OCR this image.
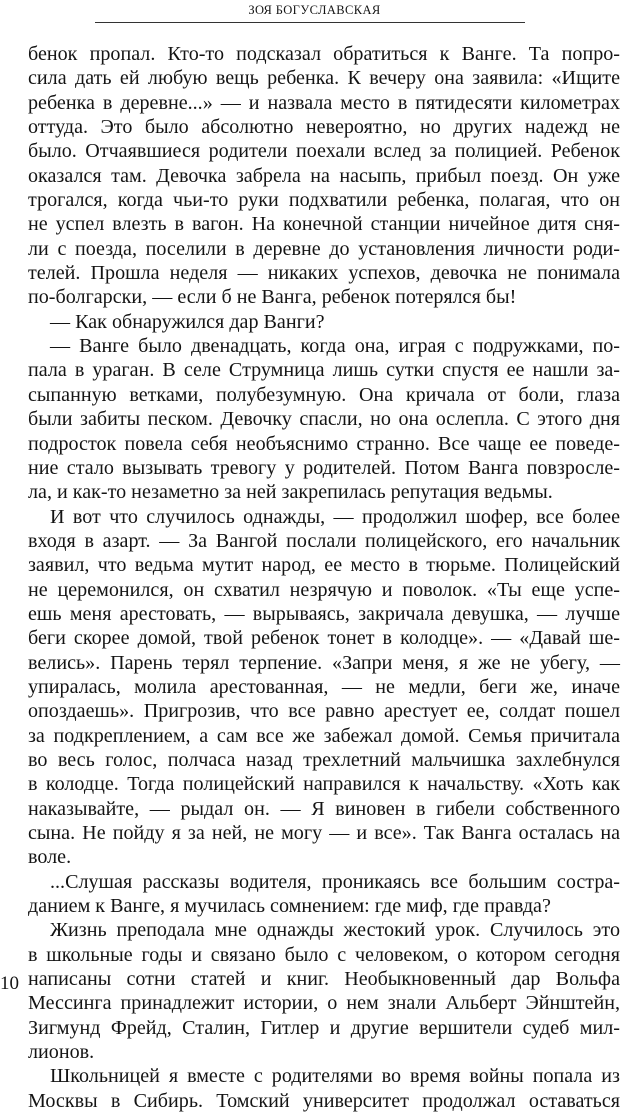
ЗОЯ БОГУСЛАВСКАЯ
бенок пропал. Кто-то подсказал обратиться к Ванге. Та попро-
сила дать ей любую вещь ребенка. К вечеру она заявила: «Ищите
ребенка в деревне...» — и назвала место в пятидесяти километрах
оттуда. Это было абсолютно невероятно, но других надежд не
было. Отчаявшиеся родители поехали вслед за полицией. Ребенок
оказался там. Девочка забрела на насыпь, прибыл поезд. Он уже
трогался, когда чьи-то руки подхватили ребенка, полагая, что он
не успел влезть в вагон. На конечной станции ничейное дитя сня-
ли с поезда, поселили в деревне до установления личности роди-
телей. Прошла неделя — никаких успехов, девочка не понимала
по-болгарски, — если б не Ванга, ребенок потерялся бы!
— Как обнаружился дар Ванги?
— Ванге было двенадцать, когда она, играя с подружками, по-
пала в ураган. В селе Струмница лишь сутки спустя ее нашли за-
сыпанную ветками, полубезумную. Она кричала от боли, глаза
были забиты песком. Девочку спасли, но она ослепла. С этого дня
подросток повела себя необъяснимо странно. Все чаще ее поведе-
ние стало вызывать тревогу у родителей. Потом Ванга повзросле-
ла, и как-то незаметно за ней закрепилась репутация ведьмы.
И вот что случилось однажды, — продолжил шофер, все более
входя в азарт. — За Вангой послали полицейского, его начальник
заявил, что ведьма мутит народ, ее место в тюрьме. Полицейский
не церемонился, он схватил незрячую и поволок. «Ты еще успе-
ешь меня арестовать, — вырываясь, закричала девушка, — лучше
беги скорее домой, твой ребенок тонет в колодце». — «Давай ше-
велись». Парень терял терпение. «Запри меня, я же не убегу, —
упиралась, молила арестованная, — не медли, беги же, иначе
опоздаешь». Пригрозив, что все равно арестует ее, солдат пошел
за подкреплением, а сам все же забежал домой. Семья причитала
во весь голос, полчаса назад трехлетний мальчишка захлебнулся
в колодце. Тогда полицейский направился к начальству. «Хоть как
наказывайте, — рыдал он. — Я виновен в гибели собственного
сына. Не пойду я за ней, не могу — и все». Так Ванга осталась на
воле.
...Слушая рассказы водителя, проникаясь все большим состра-
данием к Ванге, я мучилась сомнением: где миф, где правда?
Жизнь преподала мне однажды жестокий урок. Случилось это
в школьные годы и связано было с человеком, о котором сегодня
написаны сотни статей и книг. Необыкновенный дар Вольфа
Мессинга принадлежит истории, о нем знали Альберт Эйнштейн,
Зигмунд Фрейд, Сталин, Гитлер и другие вершители судеб мил-
лионов.
Школьницей я вместе с родителями во время войны попала из
Москвы в Сибирь. Томский университет продолжал оставаться
10
